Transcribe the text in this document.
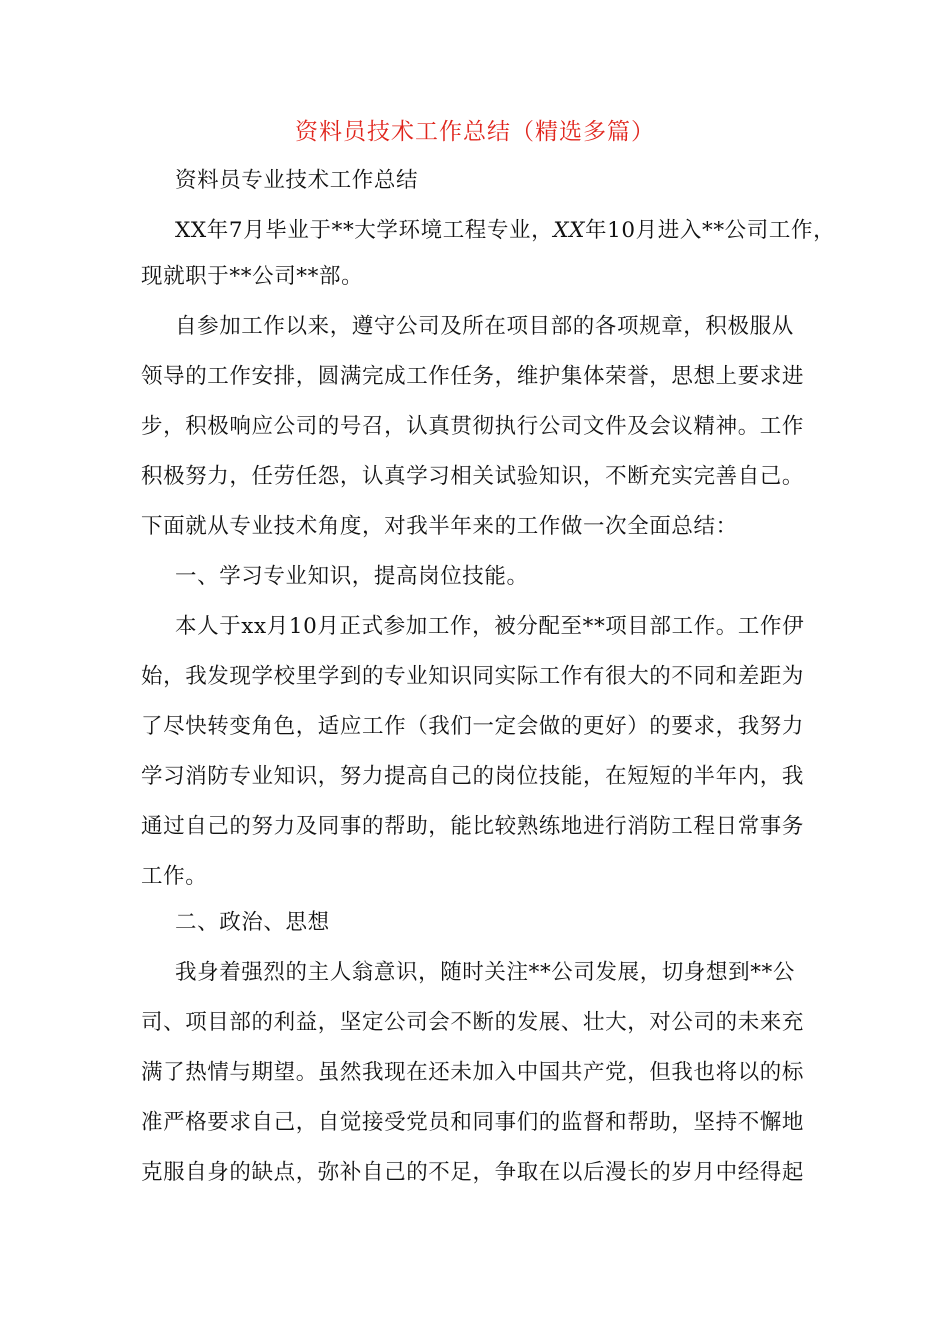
资料员技术工作总结（精选多篇）
资料员专业技术工作总结
XX年7月毕业于**大学环境工程专业，XX年10月进入**公司工作，
现就职于**公司**部。
自参加工作以来，遵守公司及所在项目部的各项规章，积极服从
领导的工作安排，圆满完成工作任务，维护集体荣誉，思想上要求进
步，积极响应公司的号召，认真贯彻执行公司文件及会议精神。工作
积极努力，任劳任怨，认真学习相关试验知识，不断充实完善自己。
下面就从专业技术角度，对我半年来的工作做一次全面总结：
一、学习专业知识，提高岗位技能。
本人于xx月10月正式参加工作，被分配至**项目部工作。工作伊
始，我发现学校里学到的专业知识同实际工作有很大的不同和差距为
了尽快转变角色，适应工作（我们一定会做的更好）的要求，我努力
学习消防专业知识，努力提高自己的岗位技能，在短短的半年内，我
通过自己的努力及同事的帮助，能比较熟练地进行消防工程日常事务
工作。
二、政治、思想
我身着强烈的主人翁意识，随时关注**公司发展，切身想到**公
司、项目部的利益，坚定公司会不断的发展、壮大，对公司的未来充
满了热情与期望。虽然我现在还未加入中国共产党，但我也将以的标
准严格要求自己，自觉接受党员和同事们的监督和帮助，坚持不懈地
克服自身的缺点，弥补自己的不足，争取在以后漫长的岁月中经得起
